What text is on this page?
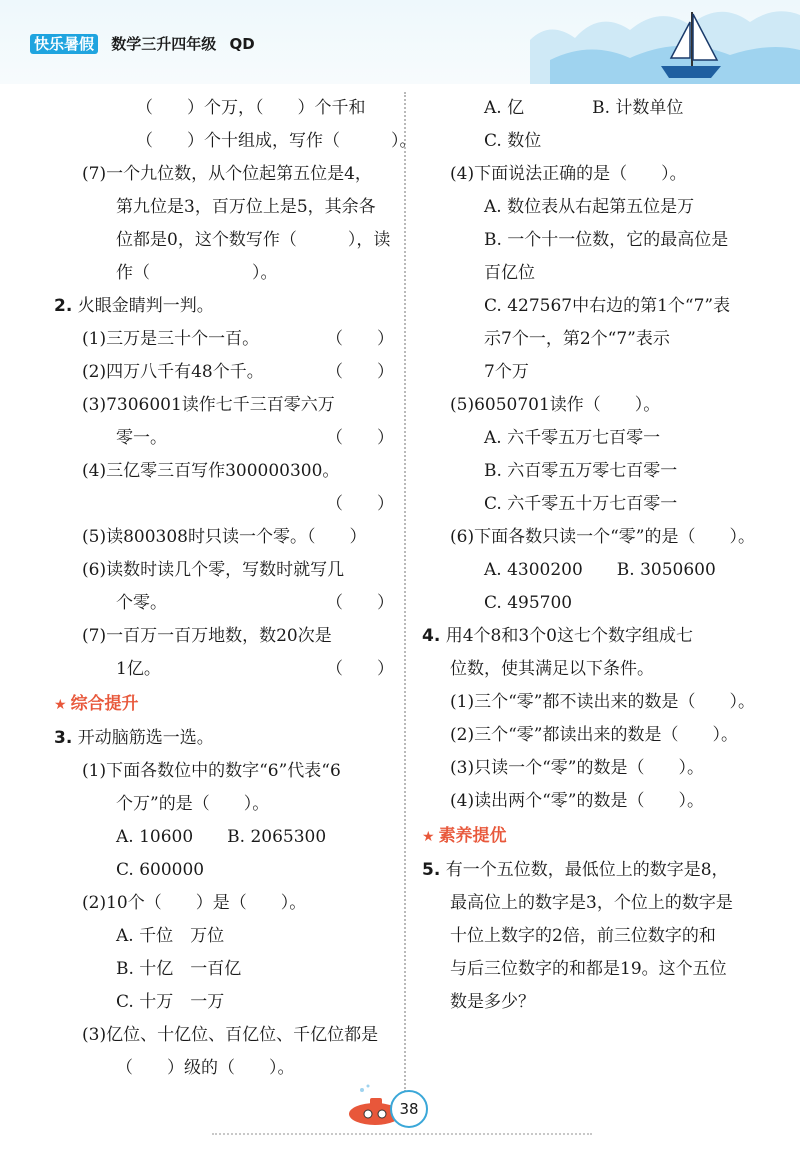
快乐暑假 数学三升四年级 QD
（　　）个万，（　　）个千和
（　　）个十组成，写作（　　　）。
(7)一个九位数，从个位起第五位是4，
第九位是3，百万位上是5，其余各
位都是0，这个数写作（　　　），读
作（　　　　　　）。
2. 火眼金睛判一判。
(1)三万是三十个一百。	（　　）
(2)四万八千有48个千。	（　　）
(3)7306001读作七千三百零六万
零一。	（　　）
(4)三亿零三百写作300000300。
（　　）
(5)读800308时只读一个零。（　　）
(6)读数时读几个零，写数时就写几
个零。	（　　）
(7)一百万一百万地数，数20次是
1亿。	（　　）
★ 综合提升
3. 开动脑筋选一选。
(1)下面各数位中的数字“6”代表“6
个万”的是（　　）。
A. 10600　　B. 2065300
C. 600000
(2)10个（　　）是（　　）。
A. 千位　万位
B. 十亿　一百亿
C. 十万　一万
(3)亿位、十亿位、百亿位、千亿位都是
（　　）级的（　　）。
A. 亿　　　　B. 计数单位
C. 数位
(4)下面说法正确的是（　　）。
A. 数位表从右起第五位是万
B. 一个十一位数，它的最高位是
百亿位
C. 427567中右边的第1个“7”表
示7个一，第2个“7”表示
7个万
(5)6050701读作（　　）。
A. 六千零五万七百零一
B. 六百零五万零七百零一
C. 六千零五十万七百零一
(6)下面各数只读一个“零”的是（　　）。
A. 4300200　　B. 3050600
C. 495700
4. 用4个8和3个0这七个数字组成七
位数，使其满足以下条件。
(1)三个“零”都不读出来的数是（　　）。
(2)三个“零”都读出来的数是（　　）。
(3)只读一个“零”的数是（　　）。
(4)读出两个“零”的数是（　　）。
★ 素养提优
5. 有一个五位数，最低位上的数字是8，
最高位上的数字是3，个位上的数字是
十位上数字的2倍，前三位数字的和
与后三位数字的和都是19。这个五位
数是多少？
38
